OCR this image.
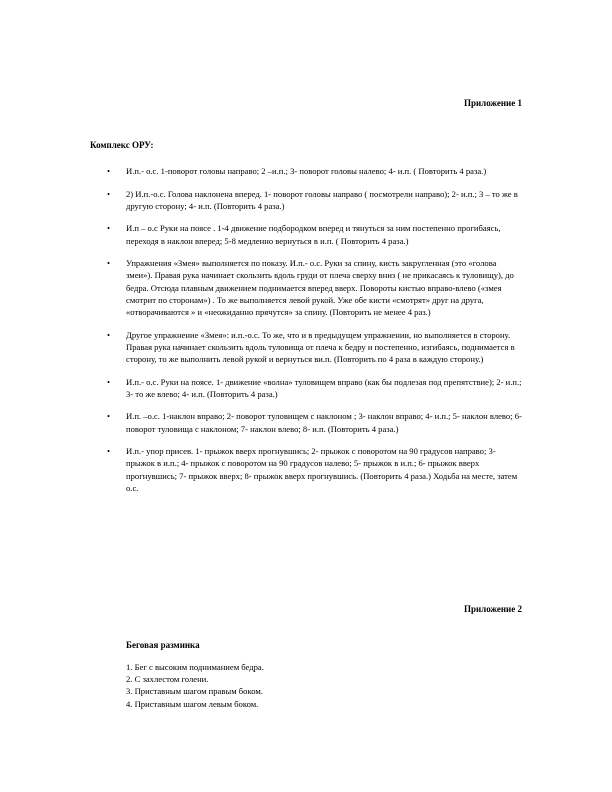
Приложение 1
Комплекс ОРУ:
• И.п.- о.с. 1-поворот головы направо; 2 –и.п.; 3- поворот головы налево; 4- и.п. ( Повторить 4 раза.)
• 2) И.п.-о.с. Голова наклонена вперед. 1- поворот головы направо ( посмотрели направо); 2- и.п.; 3 – то же в другую сторону; 4- и.п. (Повторить 4 раза.)
• И.п – о.с Руки на поясе . 1-4 движение подбородком вперед и тянуться за ним постепенно прогибаясь, переходя в наклон вперед; 5-8 медленно вернуться в и.п. ( Повторить 4 раза.)
• Упражнения «Змея» выполняется по показу. И.п.- о.с. Руки за спину, кисть закругленная (это «голова змеи»). Правая рука начинает скользить вдоль груди от плеча сверху вниз ( не прикасаясь к туловищу), до бедра. Отсюда плавным движением поднимается вперед вверх. Повороты кистью вправо-влево («змея смотрит по сторонам») . То же выполняется левой рукой. Уже обе кисти «смотрят» друг на друга, «отворачиваются » и «неожиданно прячутся» за спину. (Повторить не менее 4 раз.)
• Другое упражнение «Змея»: и.п.-о.с. То же, что и в предыдущем упражнении, но выполняется в сторону. Правая рука начинает скользить вдоль туловища от плеча к бедру и постепенно, изгибаясь, поднимается в сторону, то же выполнить левой рукой и вернуться ви.п. (Повторить по 4 раза в каждую сторону.)
• И.п.- о.с. Руки на поясе. 1- движение «волна» туловищем вправо (как бы подлезая под препятствие); 2- и.п.; 3- то же влево; 4- и.п. (Повторить 4 раза.)
• И.п. –о.с. 1-наклон вправо; 2- поворот туловищем с наклоном ; 3- наклон вправо; 4- и.п.; 5- наклон влево; 6- поворот туловища с наклоном; 7- наклон влево; 8- и.п. (Повторить 4 раза.)
• И.п.- упор присев. 1- прыжок вверх прогнувшись; 2- прыжок с поворотом на 90 градусов направо; 3-прыжок в и.п.; 4- прыжок с поворотом на 90 градусов налево; 5- прыжок в и.п.; 6- прыжок вверх прогнувшись; 7- прыжок вверх; 8- прыжок вверх прогнувшись. (Повторить 4 раза.) Ходьба на месте, затем о.с.
Приложение 2
Беговая разминка
1. Бег с высоким подниманием бедра.
2. С захлестом голени.
3. Приставным шагом правым боком.
4. Приставным шагом левым боком.
